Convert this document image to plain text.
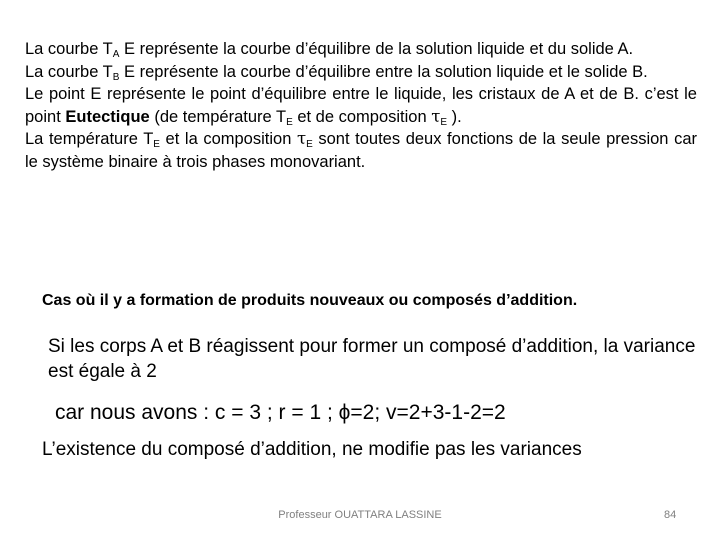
La courbe $T_A$ E représente la courbe d’équilibre de la solution liquide et du solide A.
La courbe $T_B$ E représente la courbe d’équilibre entre la solution liquide et le solide B.
Le point E représente le point d’équilibre entre le liquide, les cristaux de A et de B. c’est le point Eutectique (de température $T_E$ et de composition $\tau_E$ ).
La température $T_E$ et la composition $\tau_E$ sont toutes deux fonctions de la seule pression car le système binaire à trois phases monovariant.

Cas où il y a formation de produits nouveaux ou composés d’addition.

Si les corps A et B réagissent pour former un composé d’addition, la variance est égale à 2

car nous avons : c = 3 ; r = 1 ; ϕ=2; v=2+3-1-2=2

L’existence du composé d’addition, ne modifie pas les variances

Professeur OUATTARA LASSINE	84
